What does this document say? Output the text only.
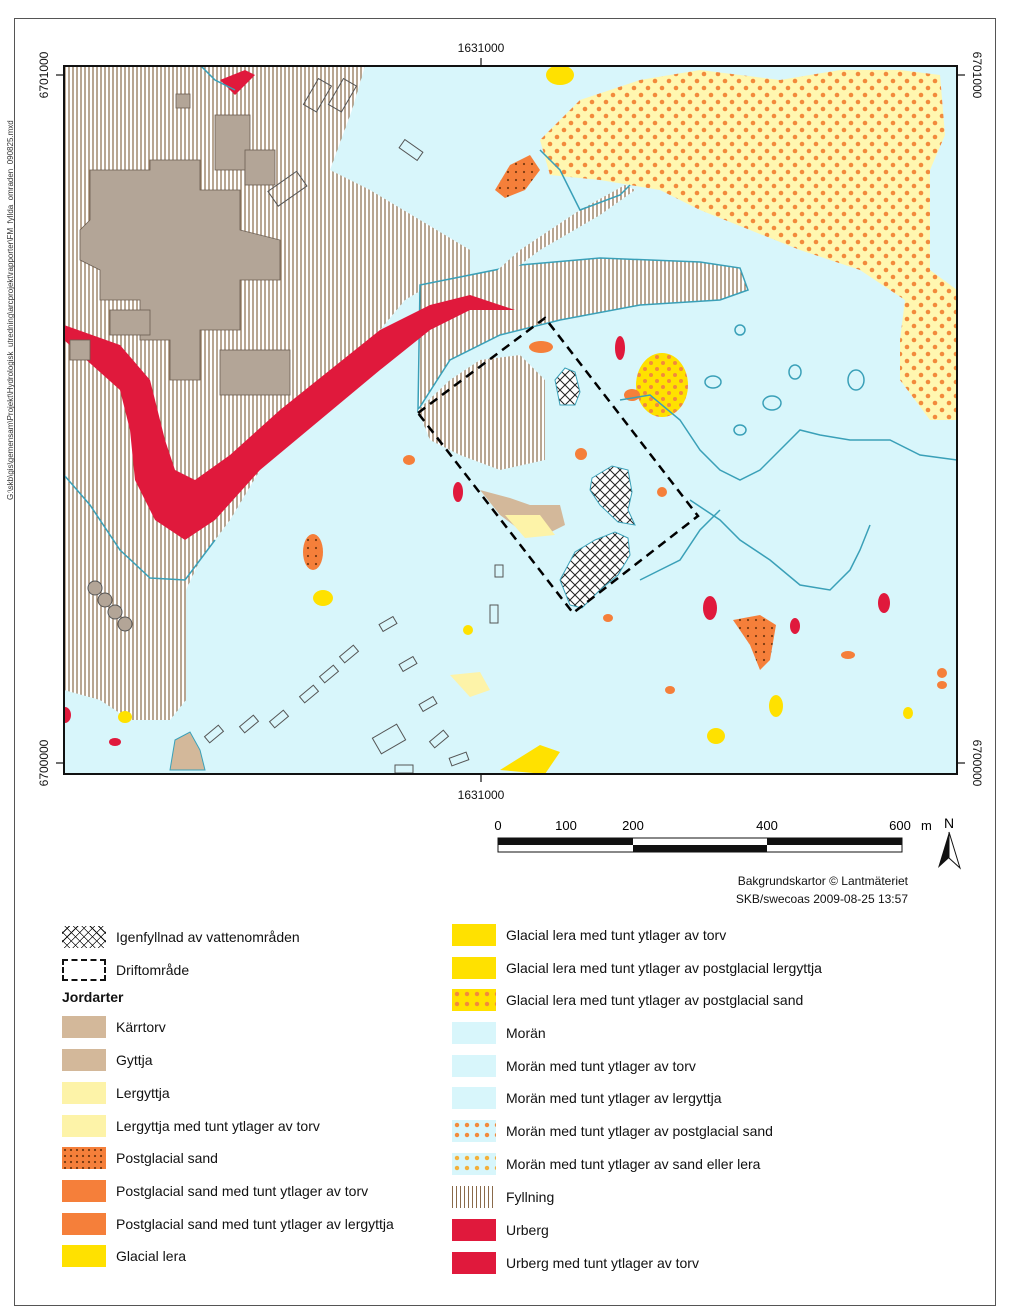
G:\skb\gis\gemensam\Projekt\Hydrologisk_utredning\arcprojekt\rapporter\FM_fyllda_omraden_090825.mxd
1631000
1631000
6701000
6700000
6701000
6700000
0	100	200	400	600 m N
Bakgrundskartor © Lantmäteriet
SKB/swecoas 2009-08-25 13:57
Igenfyllnad av vattenområden
Driftområde
Jordarter
Kärrtorv
Gyttja
Lergyttja
Lergyttja med tunt ytlager av torv
Postglacial sand
Postglacial sand med tunt ytlager av torv
Postglacial sand med tunt ytlager av lergyttja
Glacial lera
Glacial lera med tunt ytlager av torv
Glacial lera med tunt ytlager av postglacial lergyttja
Glacial lera med tunt ytlager av postglacial sand
Morän
Morän med tunt ytlager av torv
Morän med tunt ytlager av lergyttja
Morän med tunt ytlager av postglacial sand
Morän med tunt ytlager av sand eller lera
Fyllning
Urberg
Urberg med tunt ytlager av torv
